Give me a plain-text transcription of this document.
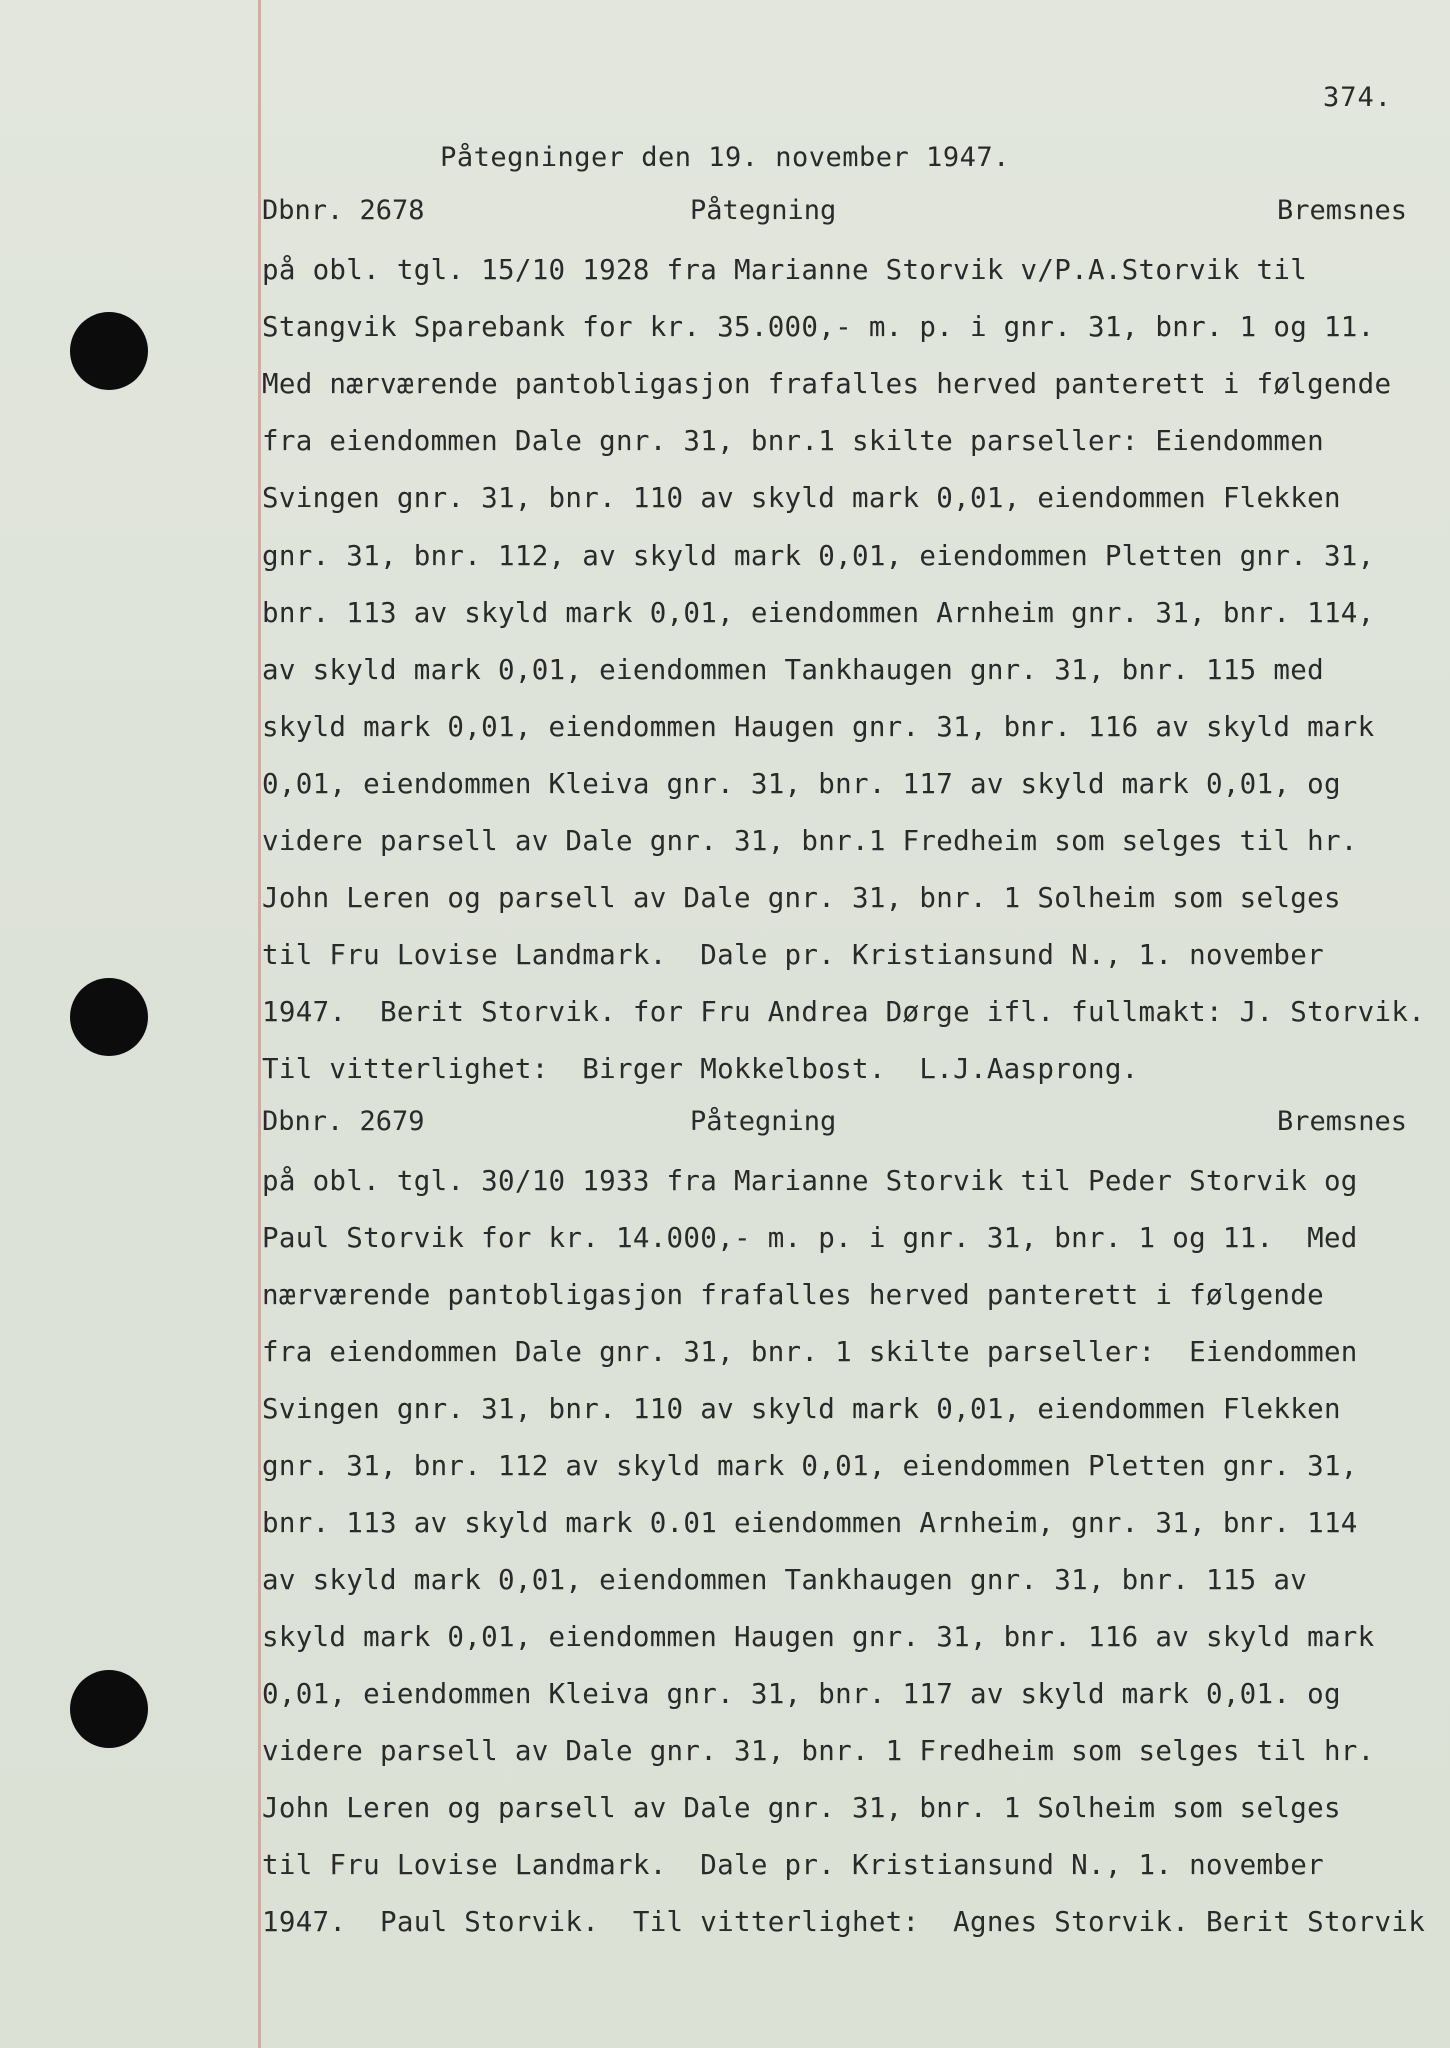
374.
Påtegninger den 19. november 1947.
Dbnr. 2678	Påtegning	Bremsnes
på obl. tgl. 15/10 1928 fra Marianne Storvik v/P.A.Storvik til
Stangvik Sparebank for kr. 35.000,- m. p. i gnr. 31, bnr. 1 og 11.
Med nærværende pantobligasjon frafalles herved panterett i følgende
fra eiendommen Dale gnr. 31, bnr.1 skilte parseller: Eiendommen
Svingen gnr. 31, bnr. 110 av skyld mark 0,01, eiendommen Flekken
gnr. 31, bnr. 112, av skyld mark 0,01, eiendommen Pletten gnr. 31,
bnr. 113 av skyld mark 0,01, eiendommen Arnheim gnr. 31, bnr. 114,
av skyld mark 0,01, eiendommen Tankhaugen gnr. 31, bnr. 115 med
skyld mark 0,01, eiendommen Haugen gnr. 31, bnr. 116 av skyld mark
0,01, eiendommen Kleiva gnr. 31, bnr. 117 av skyld mark 0,01, og
videre parsell av Dale gnr. 31, bnr.1 Fredheim som selges til hr.
John Leren og parsell av Dale gnr. 31, bnr. 1 Solheim som selges
til Fru Lovise Landmark.  Dale pr. Kristiansund N., 1. november
1947.  Berit Storvik. for Fru Andrea Dørge ifl. fullmakt: J. Storvik.
Til vitterlighet:  Birger Mokkelbost.  L.J.Aasprong.
Dbnr. 2679	Påtegning	Bremsnes
på obl. tgl. 30/10 1933 fra Marianne Storvik til Peder Storvik og
Paul Storvik for kr. 14.000,- m. p. i gnr. 31, bnr. 1 og 11.  Med
nærværende pantobligasjon frafalles herved panterett i følgende
fra eiendommen Dale gnr. 31, bnr. 1 skilte parseller:  Eiendommen
Svingen gnr. 31, bnr. 110 av skyld mark 0,01, eiendommen Flekken
gnr. 31, bnr. 112 av skyld mark 0,01, eiendommen Pletten gnr. 31,
bnr. 113 av skyld mark 0.01 eiendommen Arnheim, gnr. 31, bnr. 114
av skyld mark 0,01, eiendommen Tankhaugen gnr. 31, bnr. 115 av
skyld mark 0,01, eiendommen Haugen gnr. 31, bnr. 116 av skyld mark
0,01, eiendommen Kleiva gnr. 31, bnr. 117 av skyld mark 0,01. og
videre parsell av Dale gnr. 31, bnr. 1 Fredheim som selges til hr.
John Leren og parsell av Dale gnr. 31, bnr. 1 Solheim som selges
til Fru Lovise Landmark.  Dale pr. Kristiansund N., 1. november
1947.  Paul Storvik.  Til vitterlighet:  Agnes Storvik. Berit Storvik
